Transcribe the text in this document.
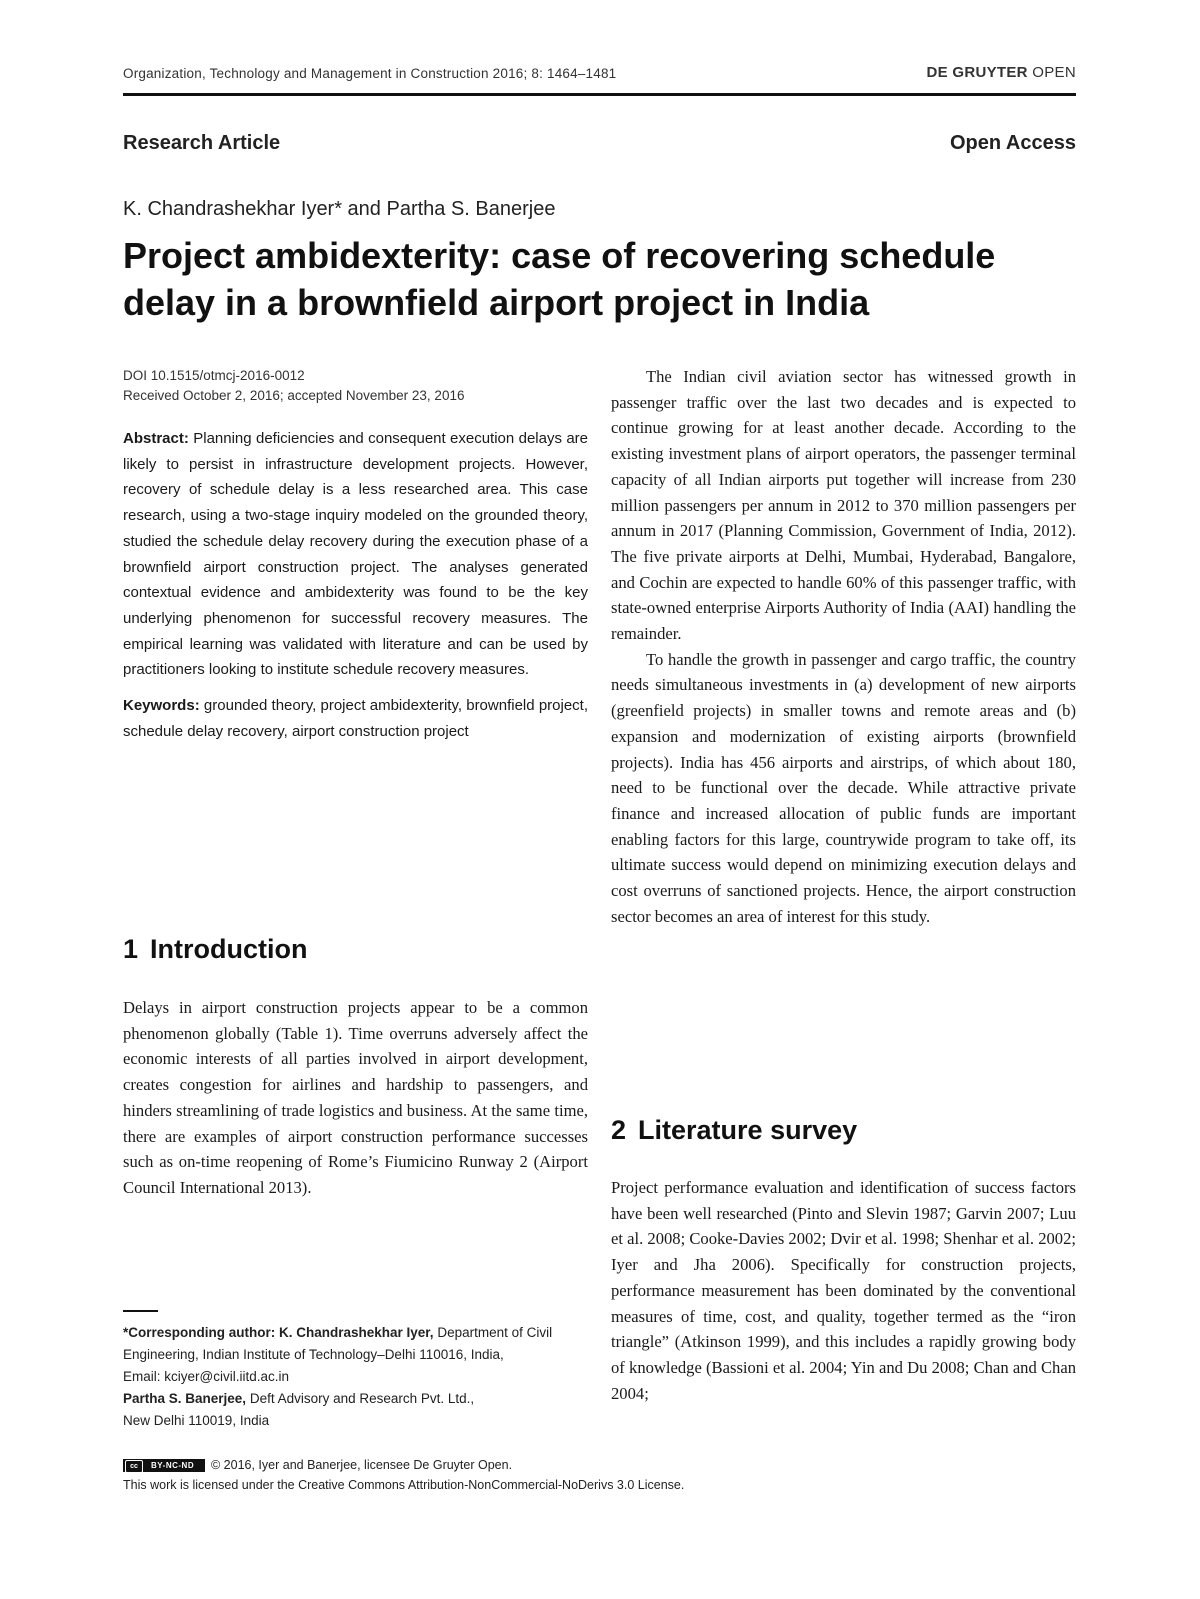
Organization, Technology and Management in Construction 2016; 8: 1464–1481	DE GRUYTER OPEN
Research Article	Open Access
K. Chandrashekhar Iyer* and Partha S. Banerjee
Project ambidexterity: case of recovering schedule delay in a brownfield airport project in India
DOI 10.1515/otmcj-2016-0012
Received October 2, 2016; accepted November 23, 2016
Abstract: Planning deficiencies and consequent execution delays are likely to persist in infrastructure development projects. However, recovery of schedule delay is a less researched area. This case research, using a two-stage inquiry modeled on the grounded theory, studied the schedule delay recovery during the execution phase of a brownfield airport construction project. The analyses generated contextual evidence and ambidexterity was found to be the key underlying phenomenon for successful recovery measures. The empirical learning was validated with literature and can be used by practitioners looking to institute schedule recovery measures.
Keywords: grounded theory, project ambidexterity, brownfield project, schedule delay recovery, airport construction project
1 Introduction

Delays in airport construction projects appear to be a common phenomenon globally (Table 1). Time overruns adversely affect the economic interests of all parties involved in airport development, creates congestion for airlines and hardship to passengers, and hinders streamlining of trade logistics and business. At the same time, there are examples of airport construction performance successes such as on-time reopening of Rome’s Fiumicino Runway 2 (Airport Council International 2013).

The Indian civil aviation sector has witnessed growth in passenger traffic over the last two decades and is expected to continue growing for at least another decade. According to the existing investment plans of airport operators, the passenger terminal capacity of all Indian airports put together will increase from 230 million passengers per annum in 2012 to 370 million passengers per annum in 2017 (Planning Commission, Government of India, 2012). The five private airports at Delhi, Mumbai, Hyderabad, Bangalore, and Cochin are expected to handle 60% of this passenger traffic, with state-owned enterprise Airports Authority of India (AAI) handling the remainder.

To handle the growth in passenger and cargo traffic, the country needs simultaneous investments in (a) development of new airports (greenfield projects) in smaller towns and remote areas and (b) expansion and modernization of existing airports (brownfield projects). India has 456 airports and airstrips, of which about 180, need to be functional over the decade. While attractive private finance and increased allocation of public funds are important enabling factors for this large, countrywide program to take off, its ultimate success would depend on minimizing execution delays and cost overruns of sanctioned projects. Hence, the airport construction sector becomes an area of interest for this study.

2 Literature survey

Project performance evaluation and identification of success factors have been well researched (Pinto and Slevin 1987; Garvin 2007; Luu et al. 2008; Cooke-Davies 2002; Dvir et al. 1998; Shenhar et al. 2002; Iyer and Jha 2006). Specifically for construction projects, performance measurement has been dominated by the conventional measures of time, cost, and quality, together termed as the “iron triangle” (Atkinson 1999), and this includes a rapidly growing body of knowledge (Bassioni et al. 2004; Yin and Du 2008; Chan and Chan 2004;

*Corresponding author: K. Chandrashekhar Iyer, Department of Civil Engineering, Indian Institute of Technology–Delhi 110016, India,
Email: kciyer@civil.iitd.ac.in
Partha S. Banerjee, Deft Advisory and Research Pvt. Ltd.,
New Delhi 110019, India
cc BY-NC-ND © 2016, Iyer and Banerjee, licensee De Gruyter Open.
This work is licensed under the Creative Commons Attribution-NonCommercial-NoDerivs 3.0 License.
